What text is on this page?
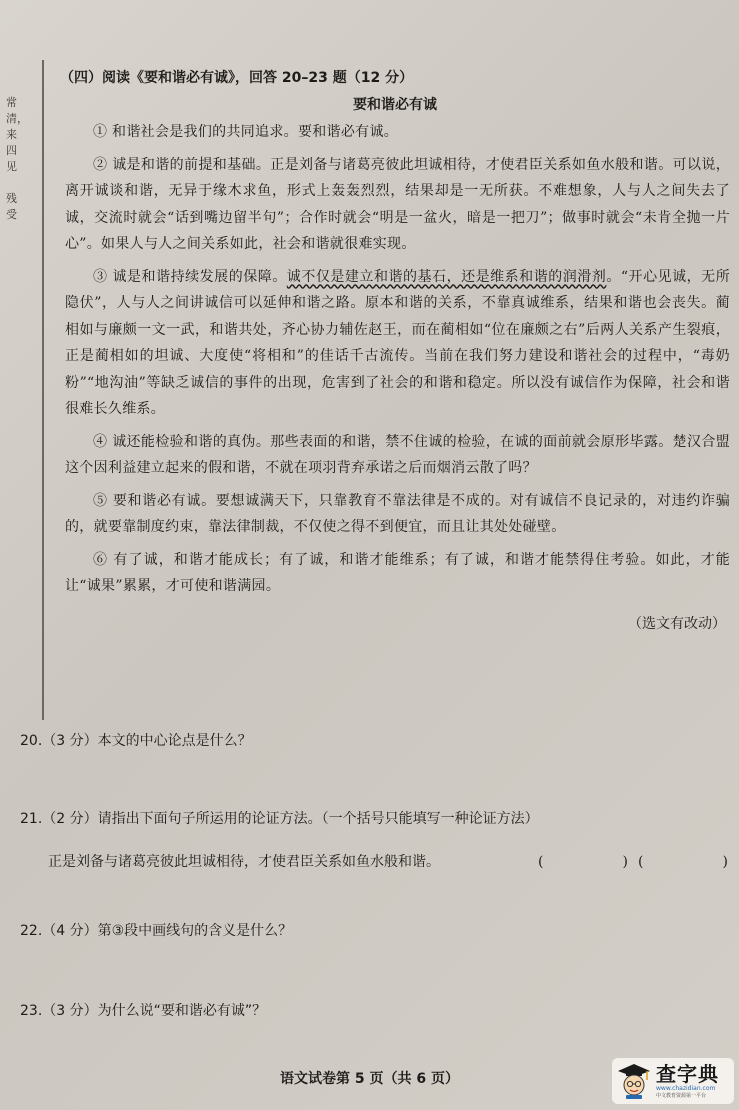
常
清，
来
四
见

残
受
（四）阅读《要和谐必有诚》，回答 20–23 题（12 分）
要和谐必有诚
① 和谐社会是我们的共同追求。要和谐必有诚。
② 诚是和谐的前提和基础。正是刘备与诸葛亮彼此坦诚相待，才使君臣关系如鱼水般和谐。可以说，离开诚谈和谐，无异于缘木求鱼，形式上轰轰烈烈，结果却是一无所获。不难想象，人与人之间失去了诚，交流时就会“话到嘴边留半句”；合作时就会“明是一盆火，暗是一把刀”；做事时就会“未肯全抛一片心”。如果人与人之间关系如此，社会和谐就很难实现。
③ 诚是和谐持续发展的保障。诚不仅是建立和谐的基石，还是维系和谐的润滑剂。“开心见诚，无所隐伏”，人与人之间讲诚信可以延伸和谐之路。原本和谐的关系，不靠真诚维系，结果和谐也会丧失。蔺相如与廉颇一文一武，和谐共处，齐心协力辅佐赵王，而在蔺相如“位在廉颇之右”后两人关系产生裂痕，正是蔺相如的坦诚、大度使“将相和”的佳话千古流传。当前在我们努力建设和谐社会的过程中，“毒奶粉”“地沟油”等缺乏诚信的事件的出现，危害到了社会的和谐和稳定。所以没有诚信作为保障，社会和谐很难长久维系。
④ 诚还能检验和谐的真伪。那些表面的和谐，禁不住诚的检验，在诚的面前就会原形毕露。楚汉合盟这个因利益建立起来的假和谐，不就在项羽背弃承诺之后而烟消云散了吗？
⑤ 要和谐必有诚。要想诚满天下，只靠教育不靠法律是不成的。对有诚信不良记录的，对违约诈骗的，就要靠制度约束，靠法律制裁，不仅使之得不到便宜，而且让其处处碰壁。
⑥ 有了诚，和谐才能成长；有了诚，和谐才能维系；有了诚，和谐才能禁得住考验。如此，才能让“诚果”累累，才可使和谐满园。
（选文有改动）
20.（3 分）本文的中心论点是什么？
21.（2 分）请指出下面句子所运用的论证方法。（一个括号只能填写一种论证方法）
正是刘备与诸葛亮彼此坦诚相待，才使君臣关系如鱼水般和谐。	(	) (	)
22.（4 分）第③段中画线句的含义是什么？
23.（3 分）为什么说“要和谐必有诚”？
语文试卷第 5 页（共 6 页）	查字典
www.chazidian.com
中文教育资源第一平台
